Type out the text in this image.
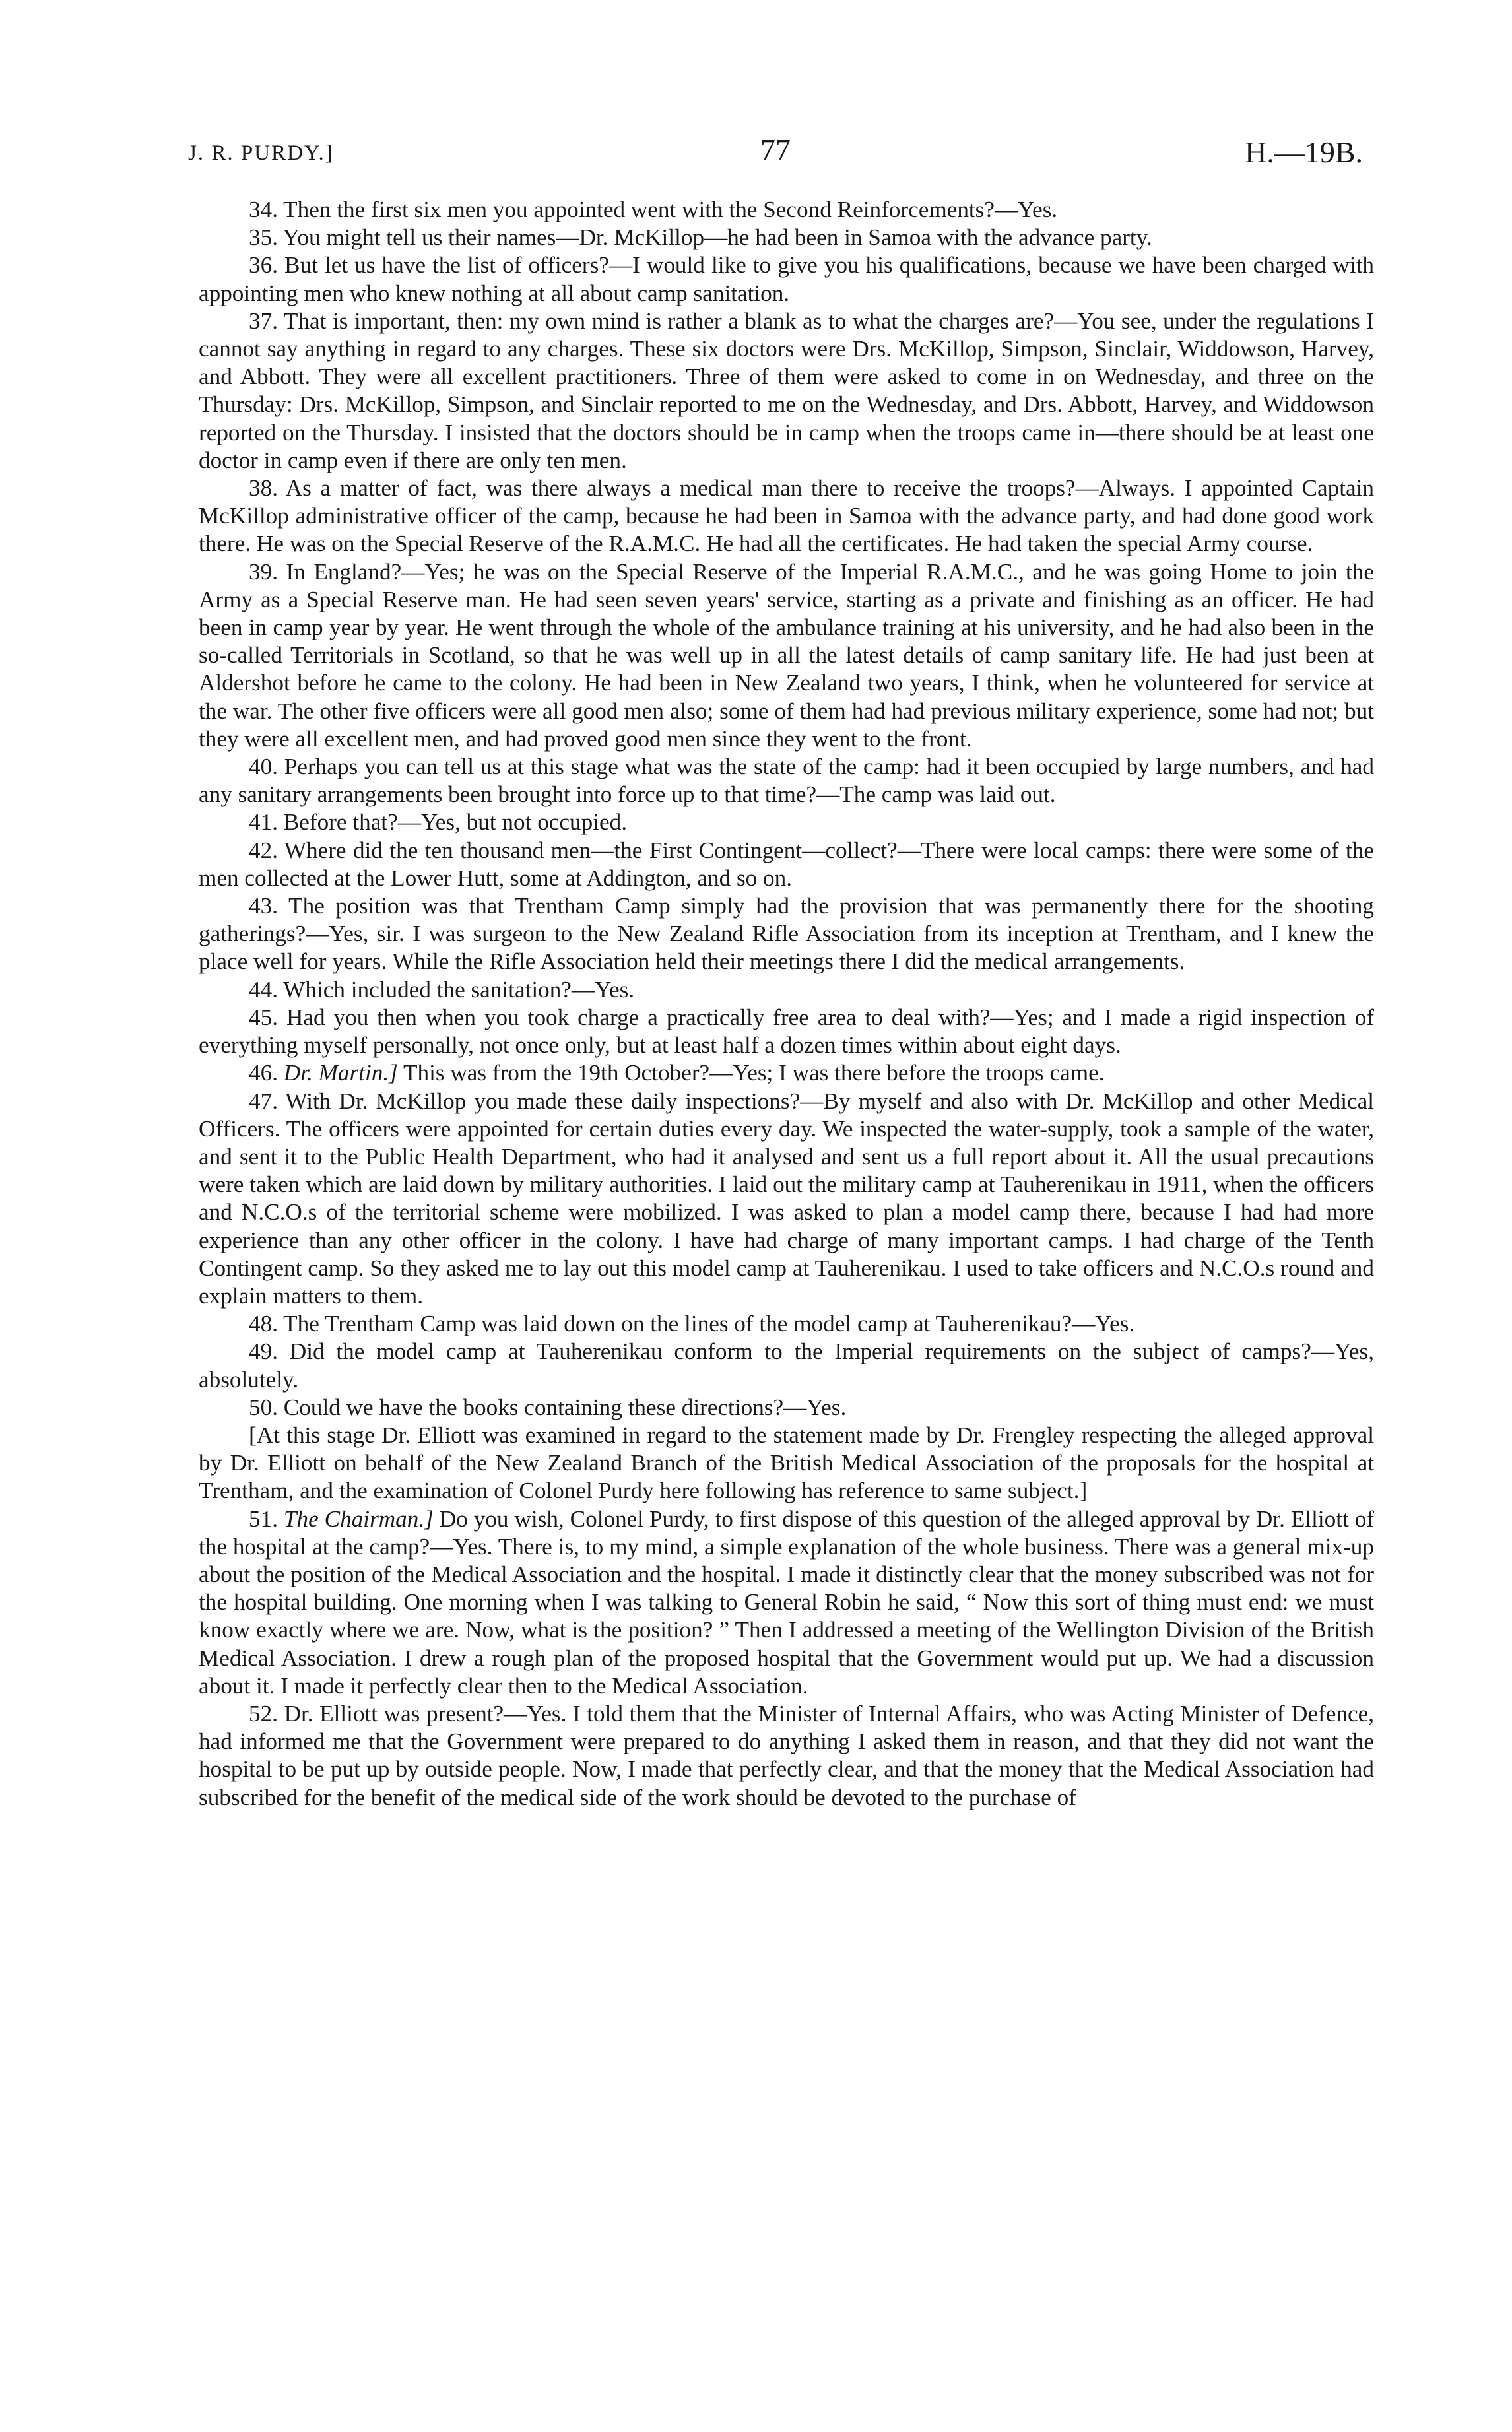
J. R. PURDY.]	77	H.—19B.

34. Then the first six men you appointed went with the Second Reinforcements?—Yes.

35. You might tell us their names—Dr. McKillop—he had been in Samoa with the advance party.

36. But let us have the list of officers?—I would like to give you his qualifications, because we have been charged with appointing men who knew nothing at all about camp sanitation.

37. That is important, then: my own mind is rather a blank as to what the charges are?—You see, under the regulations I cannot say anything in regard to any charges. These six doctors were Drs. McKillop, Simpson, Sinclair, Widdowson, Harvey, and Abbott. They were all excellent practitioners. Three of them were asked to come in on Wednesday, and three on the Thursday: Drs. McKillop, Simpson, and Sinclair reported to me on the Wednesday, and Drs. Abbott, Harvey, and Widdowson reported on the Thursday. I insisted that the doctors should be in camp when the troops came in—there should be at least one doctor in camp even if there are only ten men.

38. As a matter of fact, was there always a medical man there to receive the troops?—Always. I appointed Captain McKillop administrative officer of the camp, because he had been in Samoa with the advance party, and had done good work there. He was on the Special Reserve of the R.A.M.C. He had all the certificates. He had taken the special Army course.

39. In England?—Yes; he was on the Special Reserve of the Imperial R.A.M.C., and he was going Home to join the Army as a Special Reserve man. He had seen seven years' service, starting as a private and finishing as an officer. He had been in camp year by year. He went through the whole of the ambulance training at his university, and he had also been in the so-called Territorials in Scotland, so that he was well up in all the latest details of camp sanitary life. He had just been at Aldershot before he came to the colony. He had been in New Zealand two years, I think, when he volunteered for service at the war. The other five officers were all good men also; some of them had had previous military experience, some had not; but they were all excellent men, and had proved good men since they went to the front.

40. Perhaps you can tell us at this stage what was the state of the camp: had it been occupied by large numbers, and had any sanitary arrangements been brought into force up to that time?—The camp was laid out.

41. Before that?—Yes, but not occupied.

42. Where did the ten thousand men—the First Contingent—collect?—There were local camps: there were some of the men collected at the Lower Hutt, some at Addington, and so on.

43. The position was that Trentham Camp simply had the provision that was permanently there for the shooting gatherings?—Yes, sir. I was surgeon to the New Zealand Rifle Association from its inception at Trentham, and I knew the place well for years. While the Rifle Association held their meetings there I did the medical arrangements.

44. Which included the sanitation?—Yes.

45. Had you then when you took charge a practically free area to deal with?—Yes; and I made a rigid inspection of everything myself personally, not once only, but at least half a dozen times within about eight days.

46. Dr. Martin.] This was from the 19th October?—Yes; I was there before the troops came.

47. With Dr. McKillop you made these daily inspections?—By myself and also with Dr. McKillop and other Medical Officers. The officers were appointed for certain duties every day. We inspected the water-supply, took a sample of the water, and sent it to the Public Health Department, who had it analysed and sent us a full report about it. All the usual precautions were taken which are laid down by military authorities. I laid out the military camp at Tauherenikau in 1911, when the officers and N.C.O.s of the territorial scheme were mobilized. I was asked to plan a model camp there, because I had had more experience than any other officer in the colony. I have had charge of many important camps. I had charge of the Tenth Contingent camp. So they asked me to lay out this model camp at Tauherenikau. I used to take officers and N.C.O.s round and explain matters to them.

48. The Trentham Camp was laid down on the lines of the model camp at Tauherenikau?—Yes.

49. Did the model camp at Tauherenikau conform to the Imperial requirements on the subject of camps?—Yes, absolutely.

50. Could we have the books containing these directions?—Yes.

[At this stage Dr. Elliott was examined in regard to the statement made by Dr. Frengley respecting the alleged approval by Dr. Elliott on behalf of the New Zealand Branch of the British Medical Association of the proposals for the hospital at Trentham, and the examination of Colonel Purdy here following has reference to same subject.]

51. The Chairman.] Do you wish, Colonel Purdy, to first dispose of this question of the alleged approval by Dr. Elliott of the hospital at the camp?—Yes. There is, to my mind, a simple explanation of the whole business. There was a general mix-up about the position of the Medical Association and the hospital. I made it distinctly clear that the money subscribed was not for the hospital building. One morning when I was talking to General Robin he said, “ Now this sort of thing must end: we must know exactly where we are. Now, what is the position? ” Then I addressed a meeting of the Wellington Division of the British Medical Association. I drew a rough plan of the proposed hospital that the Government would put up. We had a discussion about it. I made it perfectly clear then to the Medical Association.

52. Dr. Elliott was present?—Yes. I told them that the Minister of Internal Affairs, who was Acting Minister of Defence, had informed me that the Government were prepared to do anything I asked them in reason, and that they did not want the hospital to be put up by outside people. Now, I made that perfectly clear, and that the money that the Medical Association had subscribed for the benefit of the medical side of the work should be devoted to the purchase of
